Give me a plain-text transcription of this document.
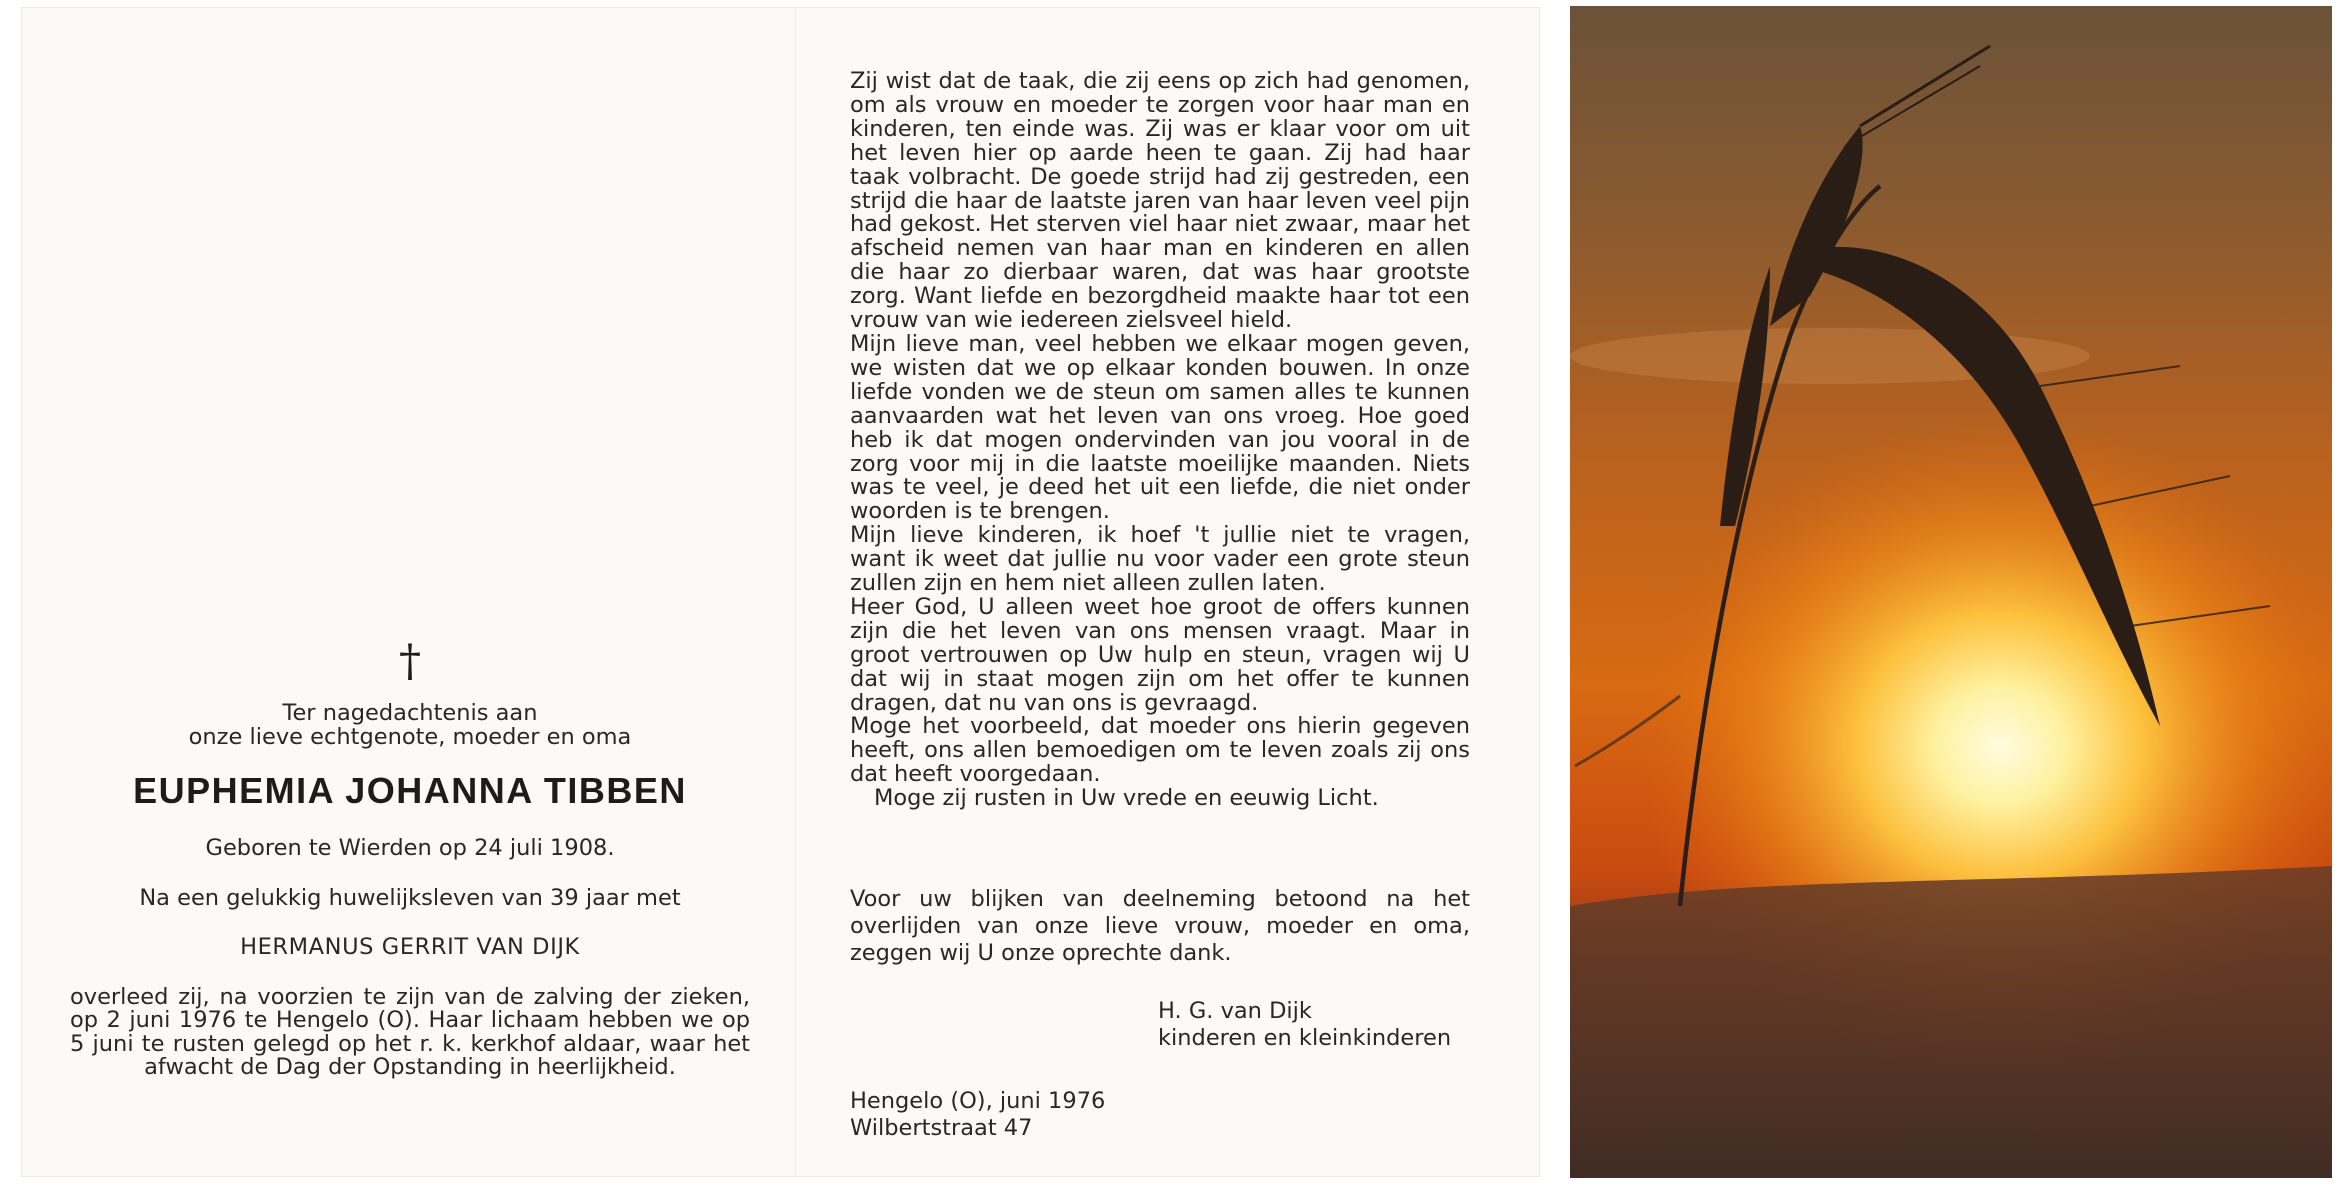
†
Ter nagedachtenis aan
onze lieve echtgenote, moeder en oma
EUPHEMIA JOHANNA TIBBEN
Geboren te Wierden op 24 juli 1908.
Na een gelukkig huwelijksleven van 39 jaar met
HERMANUS GERRIT VAN DIJK
overleed zij, na voorzien te zijn van de zalving der zieken, op 2 juni 1976 te Hengelo (O). Haar lichaam hebben we op 5 juni te rusten gelegd op het r. k. kerkhof aldaar, waar het afwacht de Dag der Opstanding in heerlijkheid.

Zij wist dat de taak, die zij eens op zich had genomen, om als vrouw en moeder te zorgen voor haar man en kinderen, ten einde was. Zij was er klaar voor om uit het leven hier op aarde heen te gaan. Zij had haar taak volbracht. De goede strijd had zij gestreden, een strijd die haar de laatste jaren van haar leven veel pijn had gekost. Het sterven viel haar niet zwaar, maar het afscheid nemen van haar man en kinderen en allen die haar zo dierbaar waren, dat was haar grootste zorg. Want liefde en bezorgdheid maakte haar tot een vrouw van wie iedereen zielsveel hield.

Mijn lieve man, veel hebben we elkaar mogen geven, we wisten dat we op elkaar konden bouwen. In onze liefde vonden we de steun om samen alles te kunnen aanvaarden wat het leven van ons vroeg. Hoe goed heb ik dat mogen ondervinden van jou vooral in de zorg voor mij in die laatste moeilijke maanden. Niets was te veel, je deed het uit een liefde, die niet onder woorden is te brengen.

Mijn lieve kinderen, ik hoef 't jullie niet te vragen, want ik weet dat jullie nu voor vader een grote steun zullen zijn en hem niet alleen zullen laten.

Heer God, U alleen weet hoe groot de offers kunnen zijn die het leven van ons mensen vraagt. Maar in groot vertrouwen op Uw hulp en steun, vragen wij U dat wij in staat mogen zijn om het offer te kunnen dragen, dat nu van ons is gevraagd.

Moge het voorbeeld, dat moeder ons hierin gegeven heeft, ons allen bemoedigen om te leven zoals zij ons dat heeft voorgedaan.

Moge zij rusten in Uw vrede en eeuwig Licht.

Voor uw blijken van deelneming betoond na het overlijden van onze lieve vrouw, moeder en oma, zeggen wij U onze oprechte dank.
H. G. van Dijk
kinderen en kleinkinderen
Hengelo (O), juni 1976
Wilbertstraat 47
